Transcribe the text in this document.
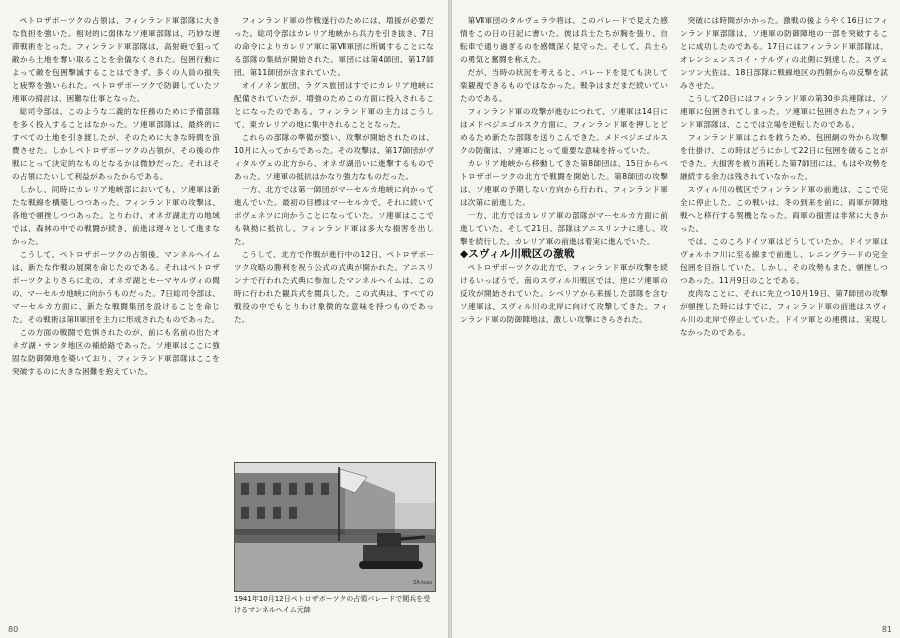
ペトロザボーツクの占領は、フィンランド軍部隊に大きな負担を強いた。相対的に弱体なソ連軍部隊は、巧妙な遅滞戦術をとった。フィンランド軍部隊は、高射砲で狙って敵から土地を奪い取ることを余儀なくされた。包囲行動によって敵を包囲撃滅することはできず、多くの人員の損失と疲弊を強いられた。ペトロザボーツクで防御していたソ連軍の掃討は、困難な仕事となった。

総司令部は、このような二義的な任務のために予備部隊を多く投入することはなかった。ソ連軍部隊は、最終的にすべての土地を引き渡したが、そのために大きな時間を浪費させた。しかしペトロザボーツクの占領が、その後の作戦にとって決定的なものとなるかは微妙だった。それはその占領にたいして利益があったからである。

しかし、同時にカレリア地峡部においても、ソ連軍は新たな戦線を構築しつつあった。フィンランド軍の攻撃は、各地で頓挫しつつあった。とりわけ、オネガ湖北方の地域では、森林の中での戦闘が続き、前進は遅々として進まなかった。

こうして、ペトロザボーツクの占領後、マンネルヘイムは、新たな作戦の展開を命じたのである。それはペトロザボーツクよりさらに北の、オネガ湖とセーマヤルヴィの間の、マーセルカ地峡に向かうものだった。7日総司令部は、マーセルカ方面に、新たな戦闘集団を設けることを命じた。その戦術は第II軍団を主力に形成されたものであった。

この方面の戦闘で危惧されたのが、前にも名前の出たオネガ湖・サンタ地区の補給路であった。ソ連軍はここに強固な防御陣地を築いており、フィンランド軍部隊はここを突破するのに大きな困難を抱えていた。

フィンランド軍の作戦遂行のためには、増援が必要だった。総司令部はカレリア地峡から兵力を引き抜き、7日の命令によりカレリア軍に第Ⅶ軍団に所属することになる部隊の集結が開始された。軍団には第4師団、第17師団、第11師団が含まれていた。

オイノネン旅団、ラグス旅団はすでにカレリア地峡に配備されていたが、増強のためこの方面に投入されることになったのである。フィンランド軍の主力はこうして、東カレリアの地に集中されることとなった。

これらの部隊の準備が整い、攻撃が開始されたのは、10月に入ってからであった。その攻撃は、第17師団がヴィタルヴェの北方から、オネガ湖沿いに進撃するものであった。ソ連軍の抵抗はかなり強力なものだった。

一方、北方では第一師団がマーセルカ地峡に向かって進んでいた。最初の目標はマーセルカで、それに続いてポヴェネツに向かうことになっていた。ソ連軍はここでも執拗に抵抗し、フィンランド軍は多大な損害を出した。

こうして、北方で作戦が進行中の12日、ペトロザボーツク攻略の勝利を祝う公式の式典が開かれた。アニスリンナで行われた式典に参加したマンネルヘイムは、この時に行われた観兵式を閲兵した。この式典は、すべての戦役の中でもとりわけ象徴的な意味を持つものであった。

SA-kuva
1941年10月12日ペトロザボーツクの占領パレードで閲兵を受けるマンネルヘイム元帥
80

第Ⅶ軍団のタルヴェラ少将は、このパレードで見えた感情をこの日の日記に書いた。彼は兵士たちが胸を張り、自転車で通り過ぎるのを感慨深く見守った。そして、兵士らの勇気と奮闘を称えた。

だが、当時の状況を考えると、パレードを見ても決して楽観視できるものではなかった。戦争はまだまだ続いていたのである。

フィンランド軍の攻撃が進むにつれて、ソ連軍は14日にはメドベジエゴルスク方面に、フィンランド軍を押しとどめるため新たな部隊を送りこんできた。メドベジエゴルスクの防衛は、ソ連軍にとって重要な意味を持っていた。

カレリア地峡から移動してきた第8師団は、15日からペトロザボーツクの北方で戦闘を開始した。第8師団の攻撃は、ソ連軍の予期しない方向から行われ、フィンランド軍は次第に前進した。

一方、北方ではカレリア軍の部隊がマーセルカ方面に前進していた。そして21日、部隊はアニスリンナに達し、攻撃を続行した。カレリア軍の前進は着実に進んでいた。

◆スヴィル川戦区の激戦

ペトロザボーツクの北方で、フィンランド軍が攻撃を続けるいっぽうで、南のスヴィル川戦区では、逆にソ連軍の反攻が開始されていた。シベリアから来援した部隊を含むソ連軍は、スヴィル川の北岸に向けて攻撃してきた。フィンランド軍の防御陣地は、激しい攻撃にさらされた。

突破には時間がかかった。激戦の後ようやく16日にフィンランド軍部隊は、ソ連軍の防御陣地の一部を突破することに成功したのである。17日にはフィンランド軍部隊は、オレンシェンスコイ・ナルヴィの北側に到達した。スヴェンツン大佐は、18日部隊に戦線地区の西側からの反撃を試みさせた。

こうして20日にはフィンランド軍の第30歩兵連隊は、ソ連軍に包囲されてしまった。ソ連軍に包囲されたフィンランド軍部隊は、ここでは立場を逆転したのである。

フィンランド軍はこれを救うため、包囲網の外から攻撃を仕掛け、この時はどうにかして22日に包囲を破ることができた。大損害を被り消耗した第7師団には、もはや攻勢を継続する余力は残されていなかった。

スヴィル川の戦区でフィンランド軍の前進は、ここで完全に停止した。この戦いは、冬の到来を前に、両軍が陣地戦へと移行する契機となった。両軍の損害は非常に大きかった。

では、このころドイツ軍はどうしていたか。ドイツ軍はヴォルホフ川に至る線まで前進し、レニングラードの完全包囲を目指していた。しかし、その攻勢もまた、頓挫しつつあった。11月9日のことである。

皮肉なことに、それに先立つ10月19日、第7師団の攻撃が頓挫した時にはすでに、フィンランド軍の前進はスヴィル川の北岸で停止していた。ドイツ軍との連携は、実現しなかったのである。

81
